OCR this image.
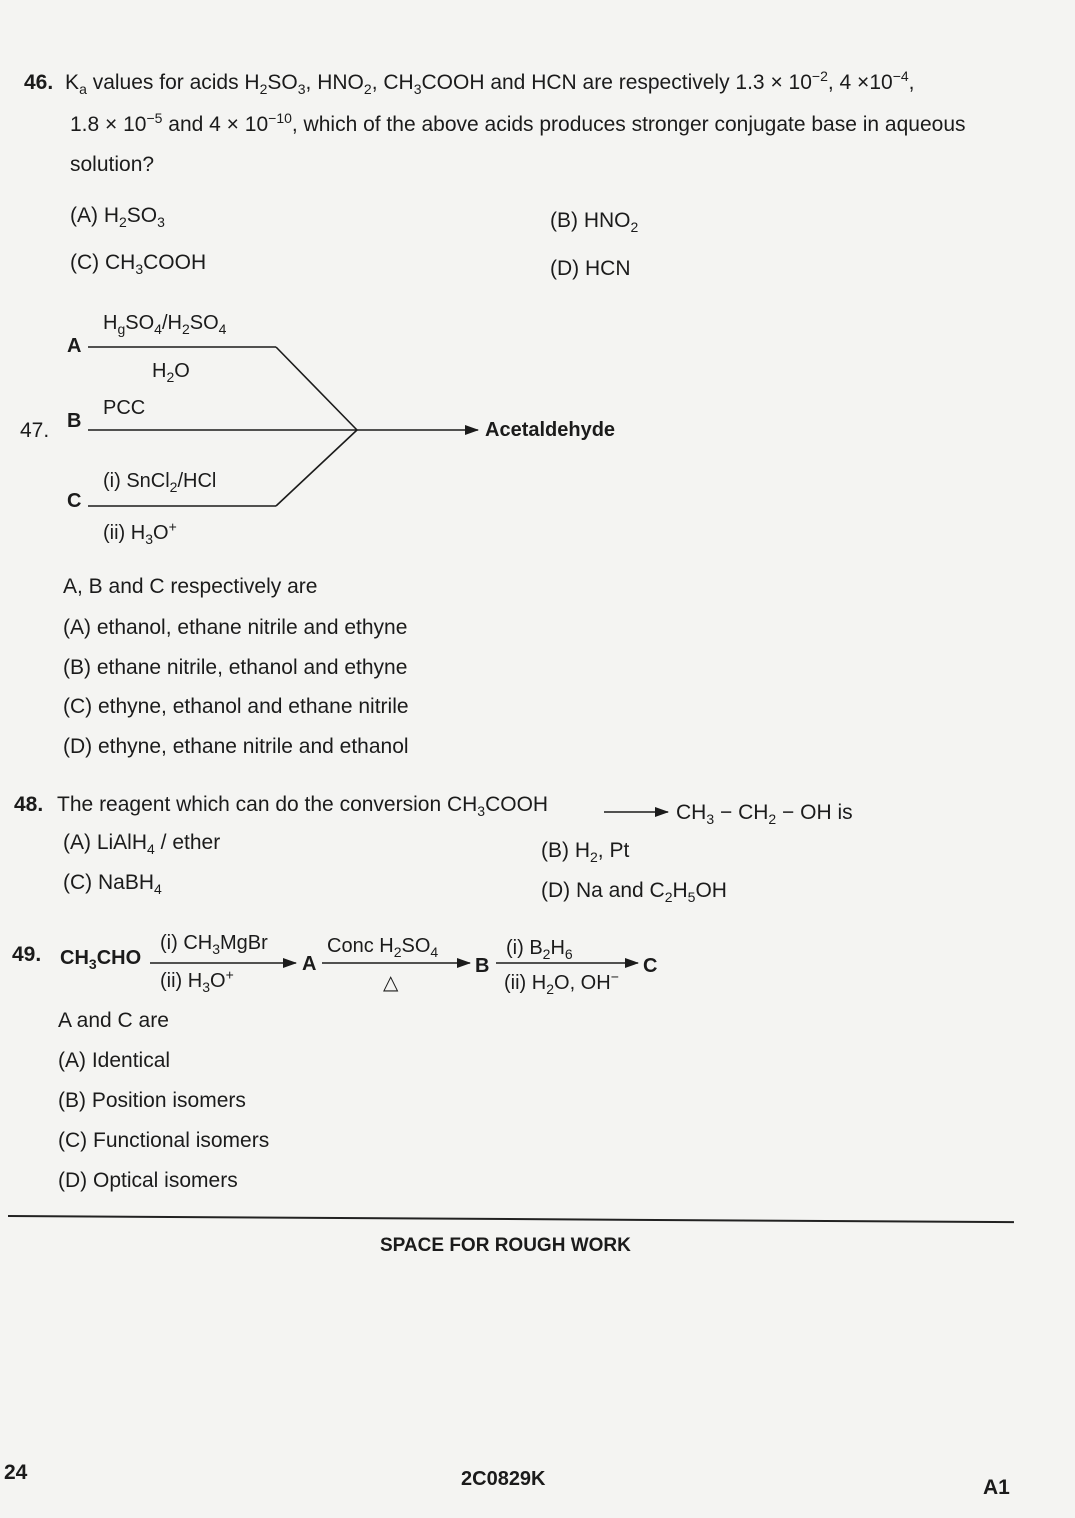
46. $K_a$ values for acids $H_2SO_3$, $HNO_2$, $CH_3COOH$ and HCN are respectively $1.3 \times 10^{-2}$, $4 \times 10^{-4}$,
$1.8 \times 10^{-5}$ and $4 \times 10^{-10}$, which of the above acids produces stronger conjugate base in aqueous
solution?
(A) $H_2SO_3$	(B) $HNO_2$
(C) $CH_3COOH$	(D) HCN
A
B
C
47.
$H_gSO_4/H_2SO_4$
$H_2O$
PCC
(i) SnCl$_2$/HCl
(ii) $H_3O^+$
Acetaldehyde
A, B and C respectively are
(A) ethanol, ethane nitrile and ethyne
(B) ethane nitrile, ethanol and ethyne
(C) ethyne, ethanol and ethane nitrile
(D) ethyne, ethane nitrile and ethanol
48. The reagent which can do the conversion $CH_3COOH$	$CH_3 - CH_2$ − OH is
(A) LiAlH$_4$ / ether	(B) $H_2$, Pt
(C) NaBH$_4$	(D) Na and $C_2H_5OH$
49. $CH_3CHO$
(i) $CH_3MgBr$
(ii) $H_3O^+$	A
Conc $H_2SO_4$
△
B
(i) $B_2H_6$
(ii) $H_2O$, OH− C
A and C are
(A) Identical
(B) Position isomers
(C) Functional isomers
(D) Optical isomers
SPACE FOR ROUGH WORK
24	2C0829K	A1
